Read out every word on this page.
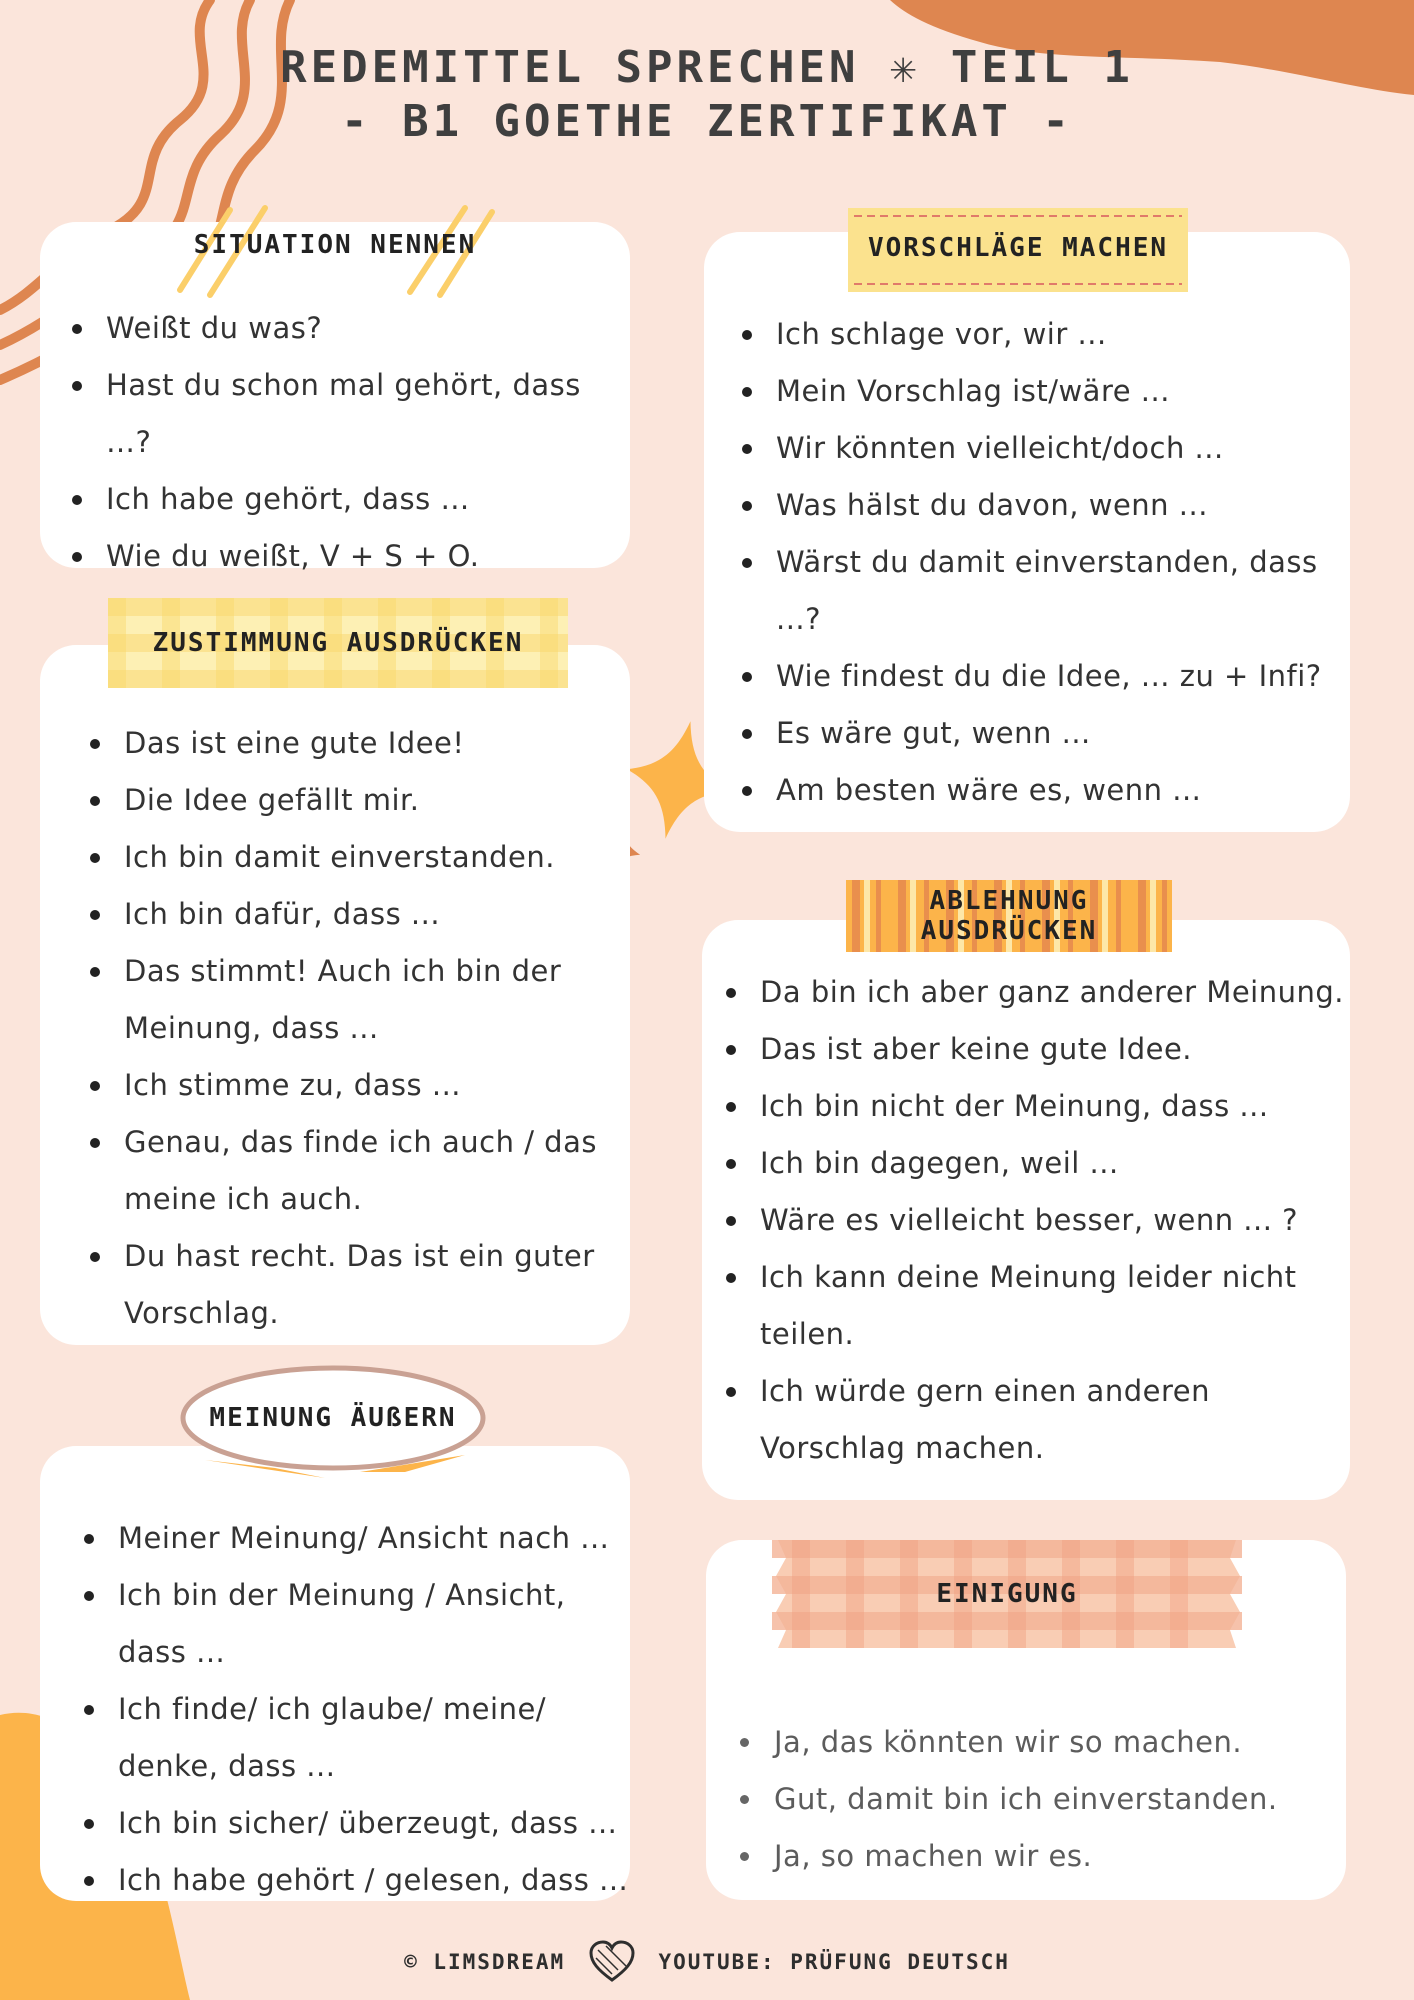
REDEMITTEL SPRECHEN ✳ TEIL 1
- B1 GOETHE ZERTIFIKAT -
Weißt du was?
Hast du schon mal gehört, dass …?
Ich habe gehört, dass …
Wie du weißt, V + S + O.
SITUATION NENNEN
Das ist eine gute Idee!
Die Idee gefällt mir.
Ich bin damit einverstanden.
Ich bin dafür, dass ...
Das stimmt! Auch ich bin der Meinung, dass ...
Ich stimme zu, dass ...
Genau, das finde ich auch / das meine ich auch.
Du hast recht. Das ist ein guter Vorschlag.
ZUSTIMMUNG AUSDRÜCKEN
Meiner Meinung/ Ansicht nach ...
Ich bin der Meinung / Ansicht, dass ...
Ich finde/ ich glaube/ meine/ denke, dass ...
Ich bin sicher/ überzeugt, dass ...
Ich habe gehört / gelesen, dass ...
MEINUNG ÄUßERN
Ich schlage vor, wir ...
Mein Vorschlag ist/wäre ...
Wir könnten vielleicht/doch ...
Was hälst du davon, wenn ...
Wärst du damit einverstanden, dass ...?
Wie findest du die Idee, ... zu + Infi?
Es wäre gut, wenn ...
Am besten wäre es, wenn ...
VORSCHLÄGE MACHEN
Da bin ich aber ganz anderer Meinung.
Das ist aber keine gute Idee.
Ich bin nicht der Meinung, dass ...
Ich bin dagegen, weil ...
Wäre es vielleicht besser, wenn ... ?
Ich kann deine Meinung leider nicht teilen.
Ich würde gern einen anderen Vorschlag machen.
ABLEHNUNG AUSDRÜCKEN
Ja, das könnten wir so machen.
Gut, damit bin ich einverstanden.
Ja, so machen wir es.
EINIGUNG
© LIMSDREAM	YOUTUBE: PRÜFUNG DEUTSCH
